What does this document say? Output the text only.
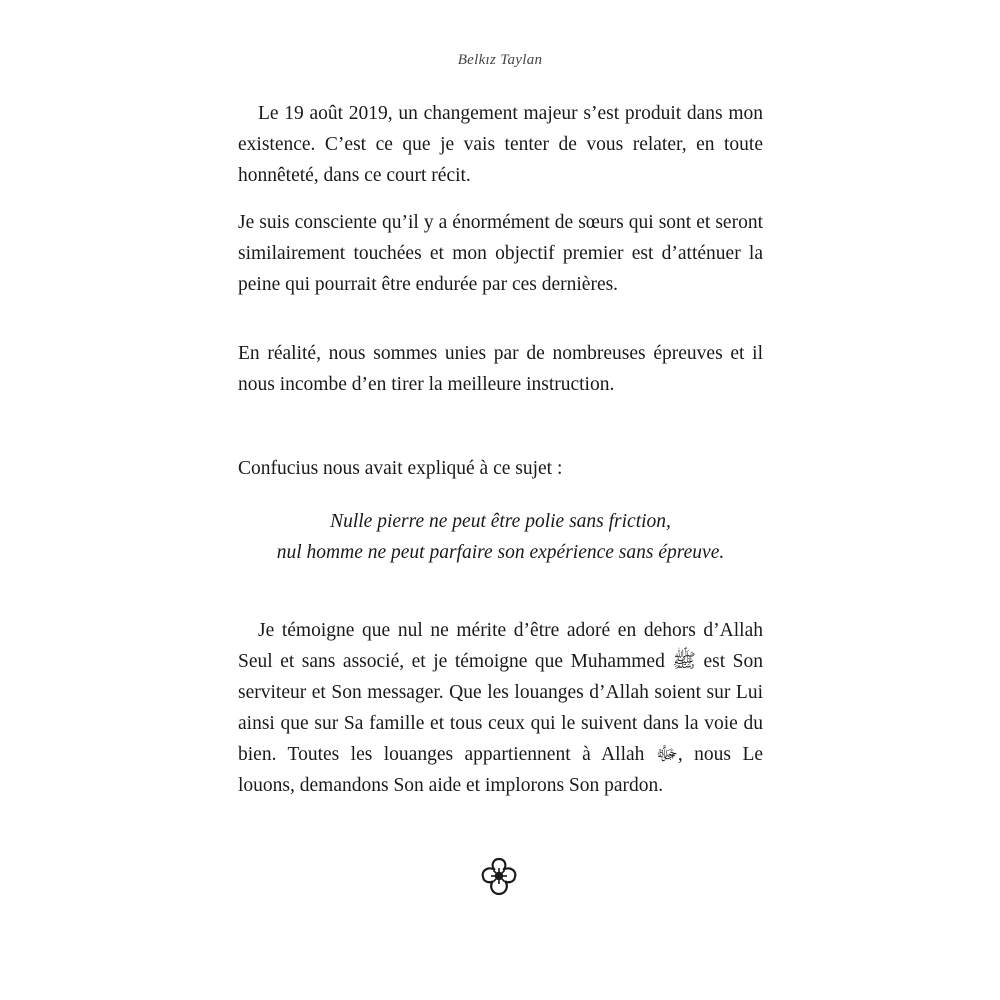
Belkız Taylan

Le 19 août 2019, un changement majeur s’est produit dans mon existence. C’est ce que je vais tenter de vous relater, en toute honnêteté, dans ce court récit.

Je suis consciente qu’il y a énormément de sœurs qui sont et seront similairement touchées et mon objectif premier est d’atténuer la peine qui pourrait être endurée par ces dernières.

En réalité, nous sommes unies par de nombreuses épreuves et il nous incombe d’en tirer la meilleure instruction.

Confucius nous avait expliqué à ce sujet :

Nulle pierre ne peut être polie sans friction,
nul homme ne peut parfaire son expérience sans épreuve.

Je témoigne que nul ne mérite d’être adoré en dehors d’Allah Seul et sans associé, et je témoigne que Muhammed ﷺ est Son serviteur et Son messager. Que les louanges d’Allah soient sur Lui ainsi que sur Sa famille et tous ceux qui le suivent dans la voie du bien. Toutes les louanges appartiennent à Allah ﷻ, nous Le louons, demandons Son aide et implorons Son pardon.
